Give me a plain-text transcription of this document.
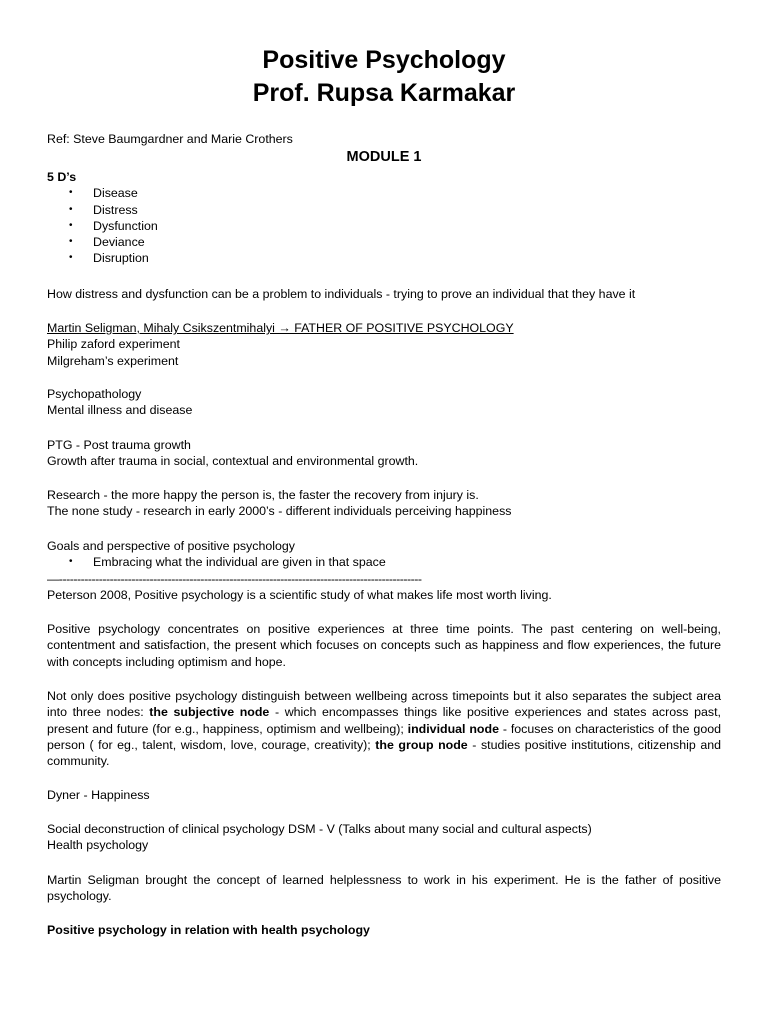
Positive Psychology
Prof. Rupsa Karmakar

Ref: Steve Baumgardner and Marie Crothers

MODULE 1

5 D’s

• Disease
• Distress
• Dysfunction
• Deviance
• Disruption

How distress and dysfunction can be a problem to individuals - trying to prove an individual that they have it

Martin Seligman, Mihaly Csikszentmihalyi → FATHER OF POSITIVE PSYCHOLOGY

Philip zaford experiment

Milgreham’s experiment

Psychopathology

Mental illness and disease

PTG - Post trauma growth

Growth after trauma in social, contextual and environmental growth.

Research - the more happy the person is, the faster the recovery from injury is.

The none study - research in early 2000’s - different individuals perceiving happiness

Goals and perspective of positive psychology

• Embracing what the individual are given in that space

—----------------------------------------------------------------------------------------------------

Peterson 2008, Positive psychology is a scientific study of what makes life most worth living.

Positive psychology concentrates on positive experiences at three time points. The past centering on well-being, contentment and satisfaction, the present which focuses on concepts such as happiness and flow experiences, the future with concepts including optimism and hope.

Not only does positive psychology distinguish between wellbeing across timepoints but it also separates the subject area into three nodes: the subjective node - which encompasses things like positive experiences and states across past, present and future (for e.g., happiness, optimism and wellbeing); individual node - focuses on characteristics of the good person ( for eg., talent, wisdom, love, courage, creativity); the group node - studies positive institutions, citizenship and community.

Dyner - Happiness

Social deconstruction of clinical psychology DSM - V (Talks about many social and cultural aspects)

Health psychology

Martin Seligman brought the concept of learned helplessness to work in his experiment. He is the father of positive psychology.

Positive psychology in relation with health psychology
